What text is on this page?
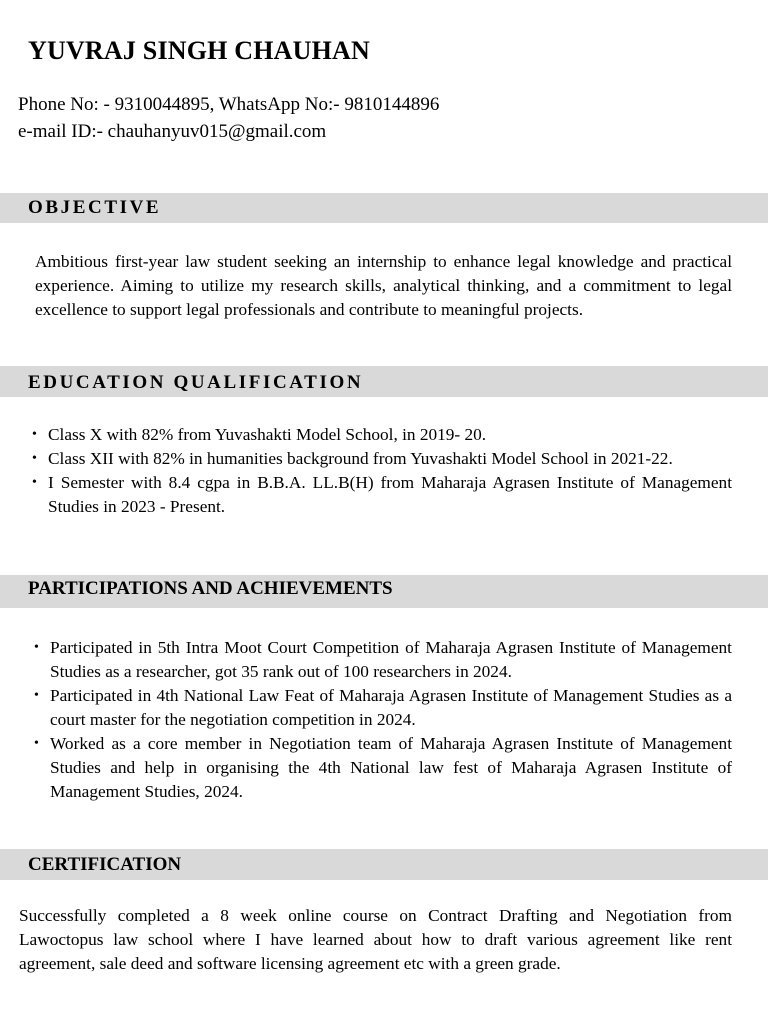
YUVRAJ SINGH CHAUHAN
Phone No: - 9310044895, WhatsApp No:- 9810144896
e-mail ID:- chauhanyuv015@gmail.com
OBJECTIVE
Ambitious first-year law student seeking an internship to enhance legal knowledge and practical experience. Aiming to utilize my research skills, analytical thinking, and a commitment to legal excellence to support legal professionals and contribute to meaningful projects.
EDUCATION QUALIFICATION
• Class X with 82% from Yuvashakti Model School, in 2019- 20.
• Class XII with 82% in humanities background from Yuvashakti Model School in 2021-22.
• I Semester with 8.4 cgpa in B.B.A. LL.B(H) from Maharaja Agrasen Institute of Management Studies in 2023 - Present.
PARTICIPATIONS AND ACHIEVEMENTS
• Participated in 5th Intra Moot Court Competition of Maharaja Agrasen Institute of Management Studies as a researcher, got 35 rank out of 100 researchers in 2024.
• Participated in 4th National Law Feat of Maharaja Agrasen Institute of Management Studies as a court master for the negotiation competition in 2024.
• Worked as a core member in Negotiation team of Maharaja Agrasen Institute of Management Studies and help in organising the 4th National law fest of Maharaja Agrasen Institute of Management Studies, 2024.
CERTIFICATION
Successfully completed a 8 week online course on Contract Drafting and Negotiation from Lawoctopus law school where I have learned about how to draft various agreement like rent agreement, sale deed and software licensing agreement etc with a green grade.
